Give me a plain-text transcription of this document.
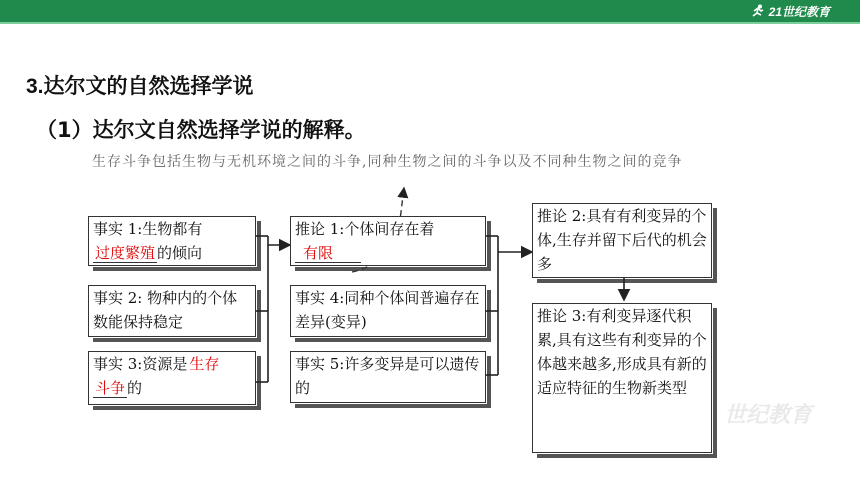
21世纪教育
3.达尔文的自然选择学说
（1）达尔文自然选择学说的解释。
生存斗争包括生物与无机环境之间的斗争,同种生物之间的斗争以及不同种生物之间的竞争
事实 1:生物都有
过度繁殖 的倾向
事实 2: 物种内的个体数能保持稳定
事实 3:资源是 生存
斗争 的
推论 1:个体间存在着
有限
事实 4:同种个体间普遍存在差异(变异)
事实 5:许多变异是可以遗传的
推论 2:具有有利变异的个体,生存并留下后代的机会多
推论 3:有利变异逐代积累,具有这些有利变异的个体越来越多,形成具有新的适应特征的生物新类型
世纪教育
